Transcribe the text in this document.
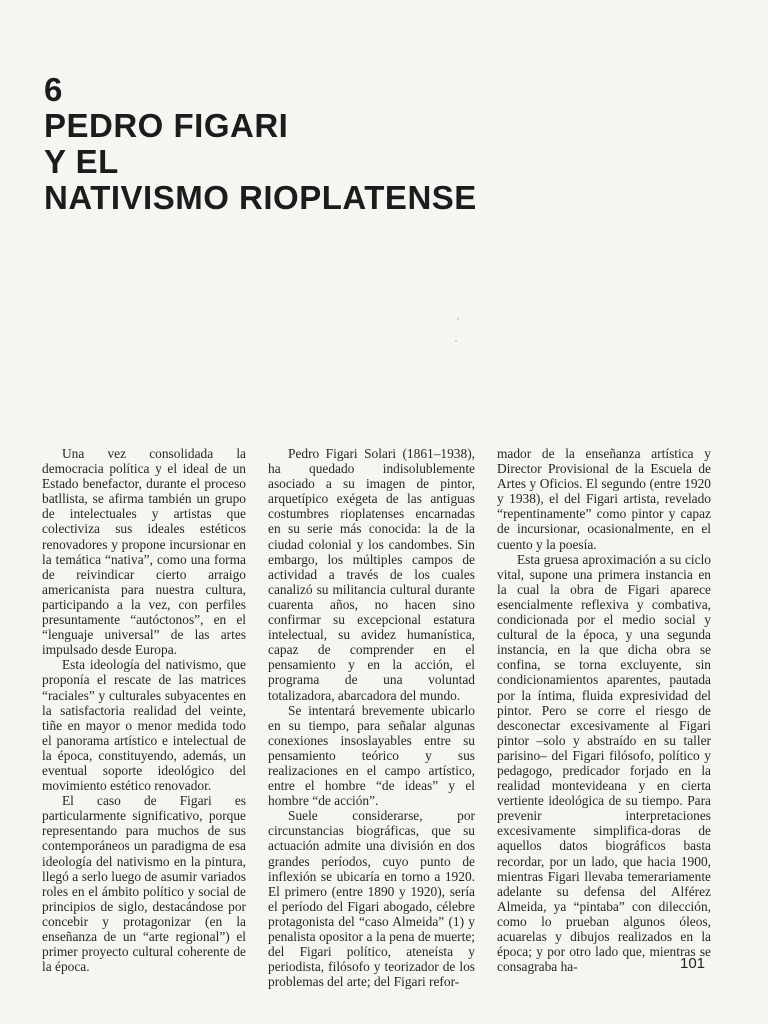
6
PEDRO FIGARI
Y EL
NATIVISMO RIOPLATENSE

Una vez consolidada la democracia política y el ideal de un Estado benefactor, durante el proceso batllista, se afirma también un grupo de intelectuales y artistas que colectiviza sus ideales estéticos renovadores y propone incursionar en la temática “nativa”, como una forma de reivindicar cierto arraigo americanista para nuestra cultura, participando a la vez, con perfiles presuntamente “autóctonos”, en el “lenguaje universal” de las artes impulsado desde Europa.

Esta ideología del nativismo, que proponía el rescate de las matrices “raciales” y culturales subyacentes en la satisfactoria realidad del veinte, tiñe en mayor o menor medida todo el panorama artístico e intelectual de la época, constituyendo, además, un eventual soporte ideológico del movimiento estético renovador.

El caso de Figari es particularmente significativo, porque representando para muchos de sus contemporáneos un paradigma de esa ideología del nativismo en la pintura, llegó a serlo luego de asumir variados roles en el ámbito político y social de principios de siglo, destacándose por concebir y protagonizar (en la enseñanza de un “arte regional”) el primer proyecto cultural coherente de la época.

Pedro Figari Solari (1861–1938), ha quedado indisolublemente asociado a su imagen de pintor, arquetípico exégeta de las antiguas costumbres rioplatenses encarnadas en su serie más conocida: la de la ciudad colonial y los candombes. Sin embargo, los múltiples campos de actividad a través de los cuales canalizó su militancia cultural durante cuarenta años, no hacen sino confirmar su excepcional estatura intelectual, su avidez humanística, capaz de comprender en el pensamiento y en la acción, el programa de una voluntad totalizadora, abarcadora del mundo.

Se intentará brevemente ubicarlo en su tiempo, para señalar algunas conexiones insoslayables entre su pensamiento teórico y sus realizaciones en el campo artístico, entre el hombre “de ideas” y el hombre “de acción”.

Suele considerarse, por circunstancias biográficas, que su actuación admite una división en dos grandes períodos, cuyo punto de inflexión se ubicaría en torno a 1920. El primero (entre 1890 y 1920), sería el período del Figari abogado, célebre protagonista del “caso Almeida” (1) y penalista opositor a la pena de muerte; del Figari político, ateneísta y periodista, filósofo y teorizador de los problemas del arte; del Figari refor-

mador de la enseñanza artística y Director Provisional de la Escuela de Artes y Oficios. El segundo (entre 1920 y 1938), el del Figari artista, revelado “repentinamente” como pintor y capaz de incursionar, ocasionalmente, en el cuento y la poesía.

Esta gruesa aproximación a su ciclo vital, supone una primera instancia en la cual la obra de Figari aparece esencialmente reflexiva y combativa, condicionada por el medio social y cultural de la época, y una segunda instancia, en la que dicha obra se confina, se torna excluyente, sin condicionamientos aparentes, pautada por la íntima, fluida expresividad del pintor. Pero se corre el riesgo de desconectar excesivamente al Figari pintor –solo y abstraído en su taller parisino– del Figari filósofo, político y pedagogo, predicador forjado en la realidad montevideana y en cierta vertiente ideológica de su tiempo. Para prevenir interpretaciones excesivamente simplifica-doras de aquellos datos biográficos basta recordar, por un lado, que hacia 1900, mientras Figari llevaba temerariamente adelante su defensa del Alférez Almeida, ya “pintaba” con dilección, como lo prueban algunos óleos, acuarelas y dibujos realizados en la época; y por otro lado que, mientras se consagraba ha-	101
